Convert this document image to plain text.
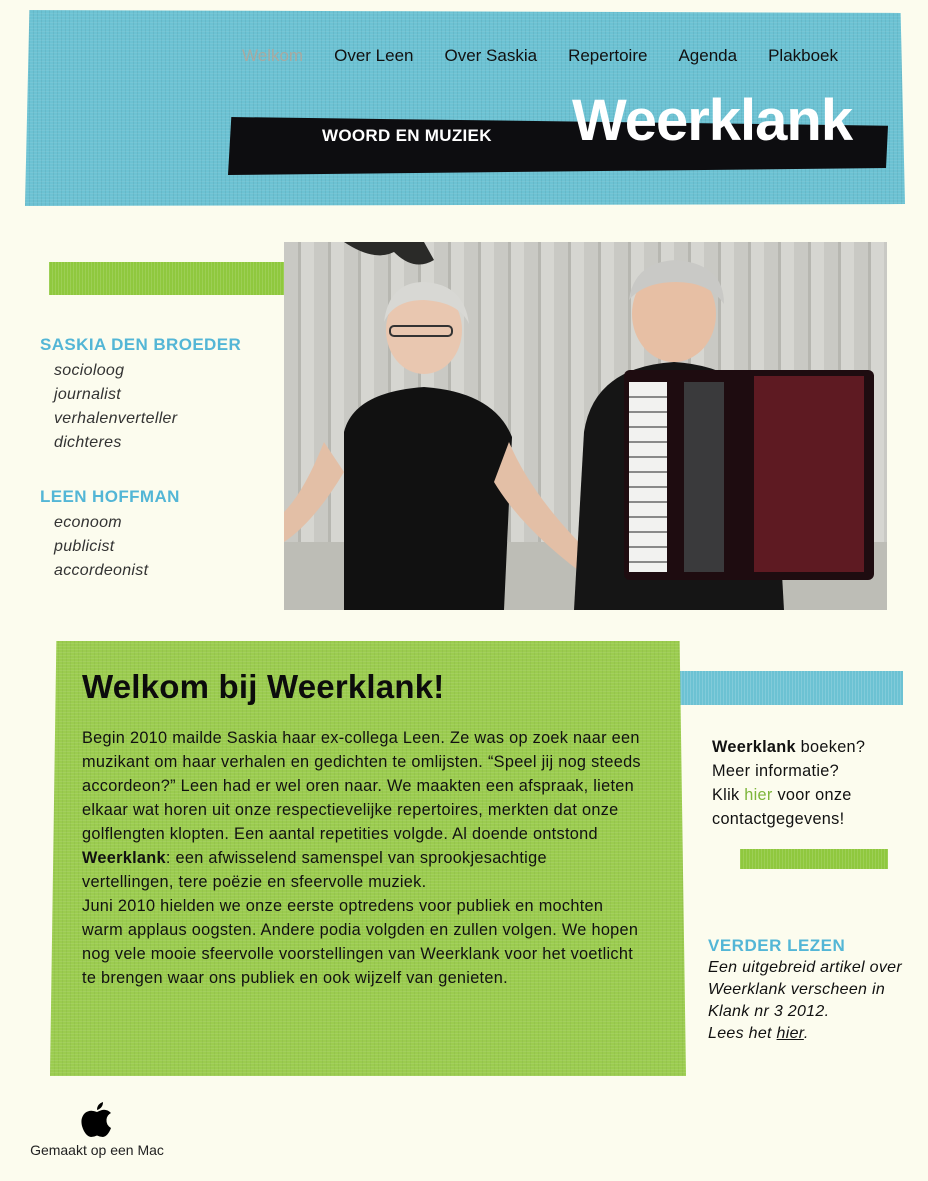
Welkom Over Leen Over Saskia Repertoire Agenda Plakboek
WOORD EN MUZIEK Weerklank
SASKIA DEN BROEDER
socioloog
journalist
verhalenverteller
dichteres
LEEN HOFFMAN
econoom
publicist
accordeonist
Welkom bij Weerklank!
Begin 2010 mailde Saskia haar ex-collega Leen. Ze was op zoek naar een muzikant om haar verhalen en gedichten te omlijsten. “Speel jij nog steeds accordeon?” Leen had er wel oren naar. We maakten een afspraak, lieten elkaar wat horen uit onze respectievelijke repertoires, merkten dat onze golflengten klopten. Een aantal repetities volgde. Al doende ontstond Weerklank: een afwisselend samenspel van sprookjesachtige vertellingen, tere poëzie en sfeervolle muziek.
Juni 2010 hielden we onze eerste optredens voor publiek en mochten warm applaus oogsten. Andere podia volgden en zullen volgen. We hopen nog vele mooie sfeervolle voorstellingen van Weerklank voor het voetlicht te brengen waar ons publiek en ook wijzelf van genieten.
Weerklank boeken?
Meer informatie?
Klik hier voor onze contactgegevens!
VERDER LEZEN
Een uitgebreid artikel over Weerklank verscheen in Klank nr 3 2012.
Lees het hier.
Gemaakt op een Mac
